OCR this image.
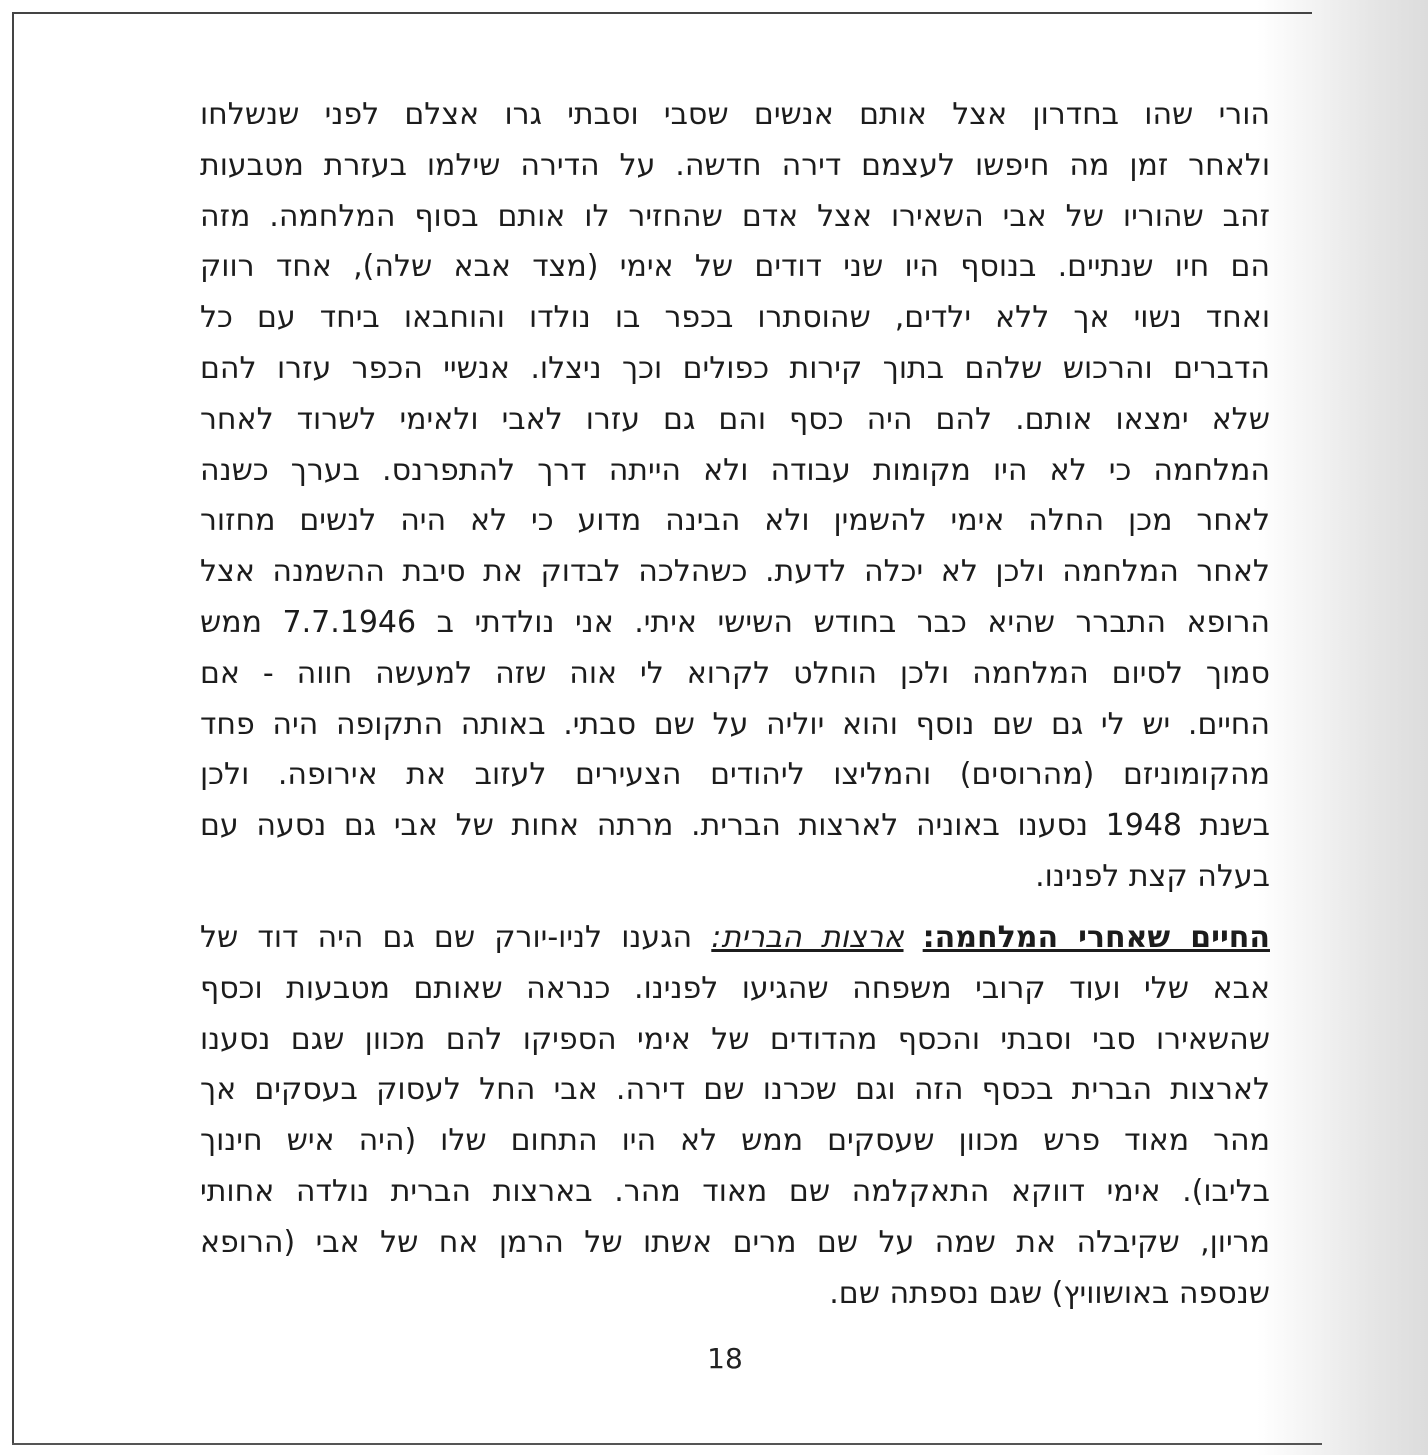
הורי שהו בחדרון אצל אותם אנשים שסבי וסבתי גרו אצלם לפני שנשלחו
ולאחר זמן מה חיפשו לעצמם דירה חדשה. על הדירה שילמו בעזרת מטבעות
זהב שהוריו של אבי השאירו אצל אדם שהחזיר לו אותם בסוף המלחמה. מזה
הם חיו שנתיים. בנוסף היו שני דודים של אימי (מצד אבא שלה), אחד רווק
ואחד נשוי אך ללא ילדים, שהוסתרו בכפר בו נולדו והוחבאו ביחד עם כל
הדברים והרכוש שלהם בתוך קירות כפולים וכך ניצלו. אנשיי הכפר עזרו להם
שלא ימצאו אותם. להם היה כסף והם גם עזרו לאבי ולאימי לשרוד לאחר
המלחמה כי לא היו מקומות עבודה ולא הייתה דרך להתפרנס. בערך כשנה
לאחר מכן החלה אימי להשמין ולא הבינה מדוע כי לא היה לנשים מחזור
לאחר המלחמה ולכן לא יכלה לדעת. כשהלכה לבדוק את סיבת ההשמנה אצל
הרופא התברר שהיא כבר בחודש השישי איתי. אני נולדתי ב 7.7.1946 ממש
סמוך לסיום המלחמה ולכן הוחלט לקרוא לי אוה שזה למעשה חווה - אם
החיים. יש לי גם שם נוסף והוא יוליה על שם סבתי. באותה התקופה היה פחד
מהקומוניזם (מהרוסים) והמליצו ליהודים הצעירים לעזוב את אירופה. ולכן
בשנת 1948 נסענו באוניה לארצות הברית. מרתה אחות של אבי גם נסעה עם
בעלה קצת לפנינו.
החיים שאחרי המלחמה: ארצות הברית: הגענו לניו-יורק שם גם היה דוד של
אבא שלי ועוד קרובי משפחה שהגיעו לפנינו. כנראה שאותם מטבעות וכסף
שהשאירו סבי וסבתי והכסף מהדודים של אימי הספיקו להם מכוון שגם נסענו
לארצות הברית בכסף הזה וגם שכרנו שם דירה. אבי החל לעסוק בעסקים אך
מהר מאוד פרש מכוון שעסקים ממש לא היו התחום שלו (היה איש חינוך
בליבו). אימי דווקא התאקלמה שם מאוד מהר. בארצות הברית נולדה אחותי
מריון, שקיבלה את שמה על שם מרים אשתו של הרמן אח של אבי (הרופא
שנספה באושוויץ) שגם נספתה שם.
18
